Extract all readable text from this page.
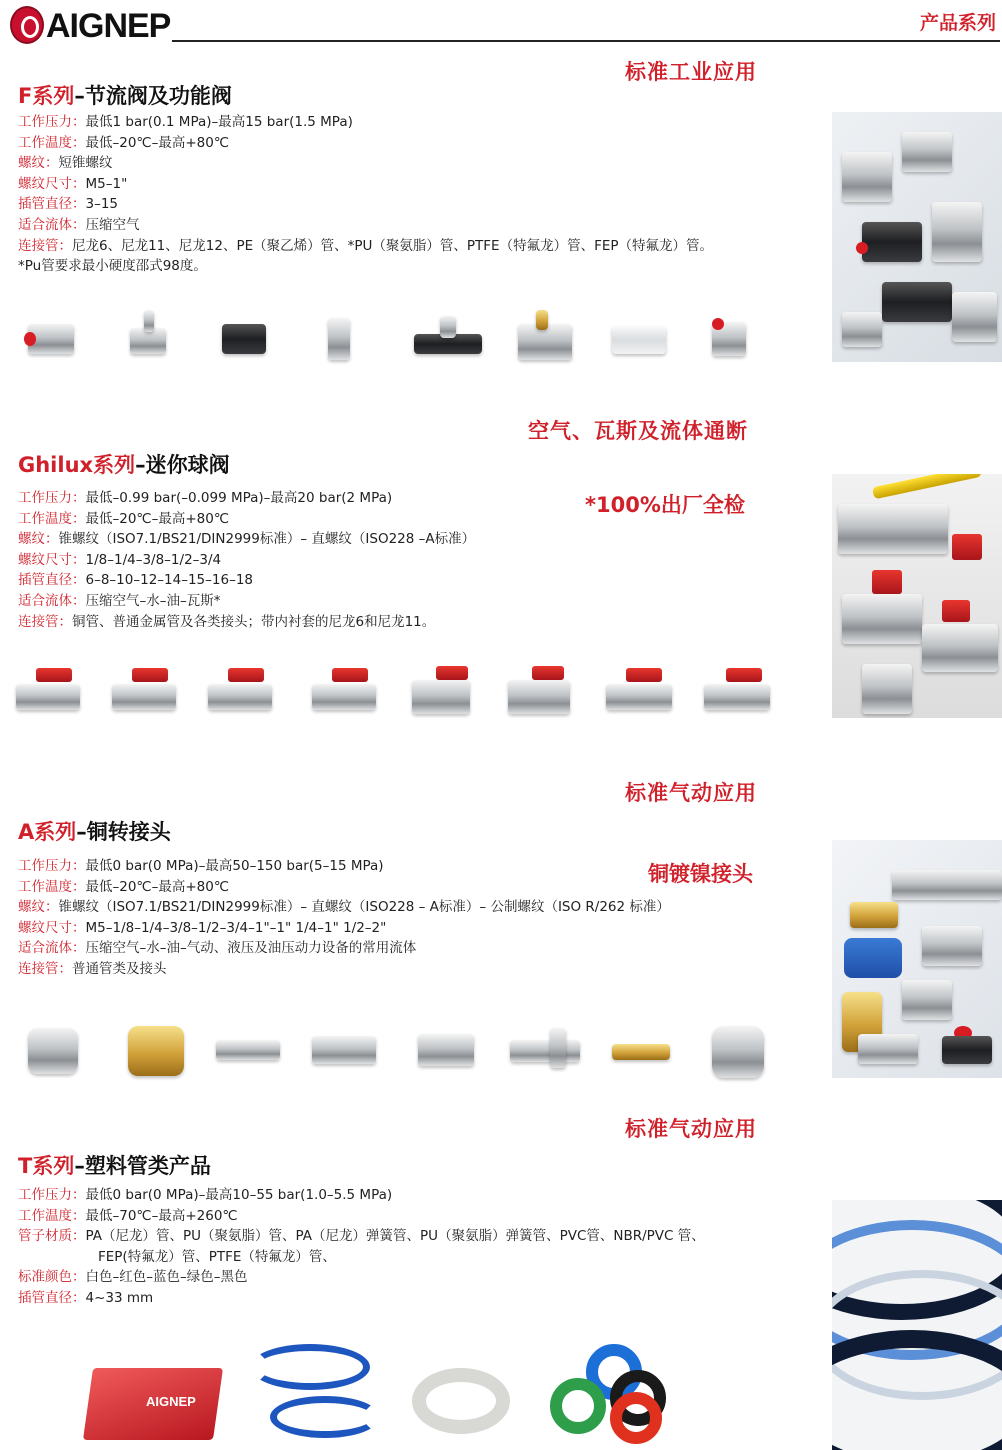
AIGNEP	产品系列
标准工业应用
F系列–节流阀及功能阀
工作压力：最低1 bar(0.1 MPa)–最高15 bar(1.5 MPa)
工作温度：最低–20℃–最高+80℃
螺纹：短锥螺纹
螺纹尺寸：M5–1"
插管直径：3–15
适合流体：压缩空气
连接管：尼龙6、尼龙11、尼龙12、PE（聚乙烯）管、*PU（聚氨脂）管、PTFE（特氟龙）管、FEP（特氟龙）管。
*Pu管要求最小硬度邵式98度。
空气、瓦斯及流体通断
Ghilux系列–迷你球阀
*100%出厂全检
工作压力：最低–0.99 bar(–0.099 MPa)–最高20 bar(2 MPa)
工作温度：最低–20℃–最高+80℃
螺纹：锥螺纹（ISO7.1/BS21/DIN2999标准）– 直螺纹（ISO228 –A标准）
螺纹尺寸：1/8–1/4–3/8–1/2–3/4
插管直径：6–8–10–12–14–15–16–18
适合流体：压缩空气–水–油–瓦斯*
连接管：铜管、普通金属管及各类接头；带内衬套的尼龙6和尼龙11。
标准气动应用
A系列–铜转接头
铜镀镍接头
工作压力：最低0 bar(0 MPa)–最高50–150 bar(5–15 MPa)
工作温度：最低–20℃–最高+80℃
螺纹：锥螺纹（ISO7.1/BS21/DIN2999标准）– 直螺纹（ISO228 – A标准）– 公制螺纹（ISO R/262 标准）
螺纹尺寸：M5–1/8–1/4–3/8–1/2–3/4–1"–1" 1/4–1" 1/2–2"
适合流体：压缩空气–水–油–气动、液压及油压动力设备的常用流体
连接管：普通管类及接头
标准气动应用
T系列–塑料管类产品
工作压力：最低0 bar(0 MPa)–最高10–55 bar(1.0–5.5 MPa)
工作温度：最低–70℃–最高+260℃
管子材质：PA（尼龙）管、PU（聚氨脂）管、PA（尼龙）弹簧管、PU（聚氨脂）弹簧管、PVC管、NBR/PVC 管、
FEP(特氟龙）管、PTFE（特氟龙）管、
标准颜色：白色–红色–蓝色–绿色–黑色
插管直径：4~33 mm
AIGNEP
